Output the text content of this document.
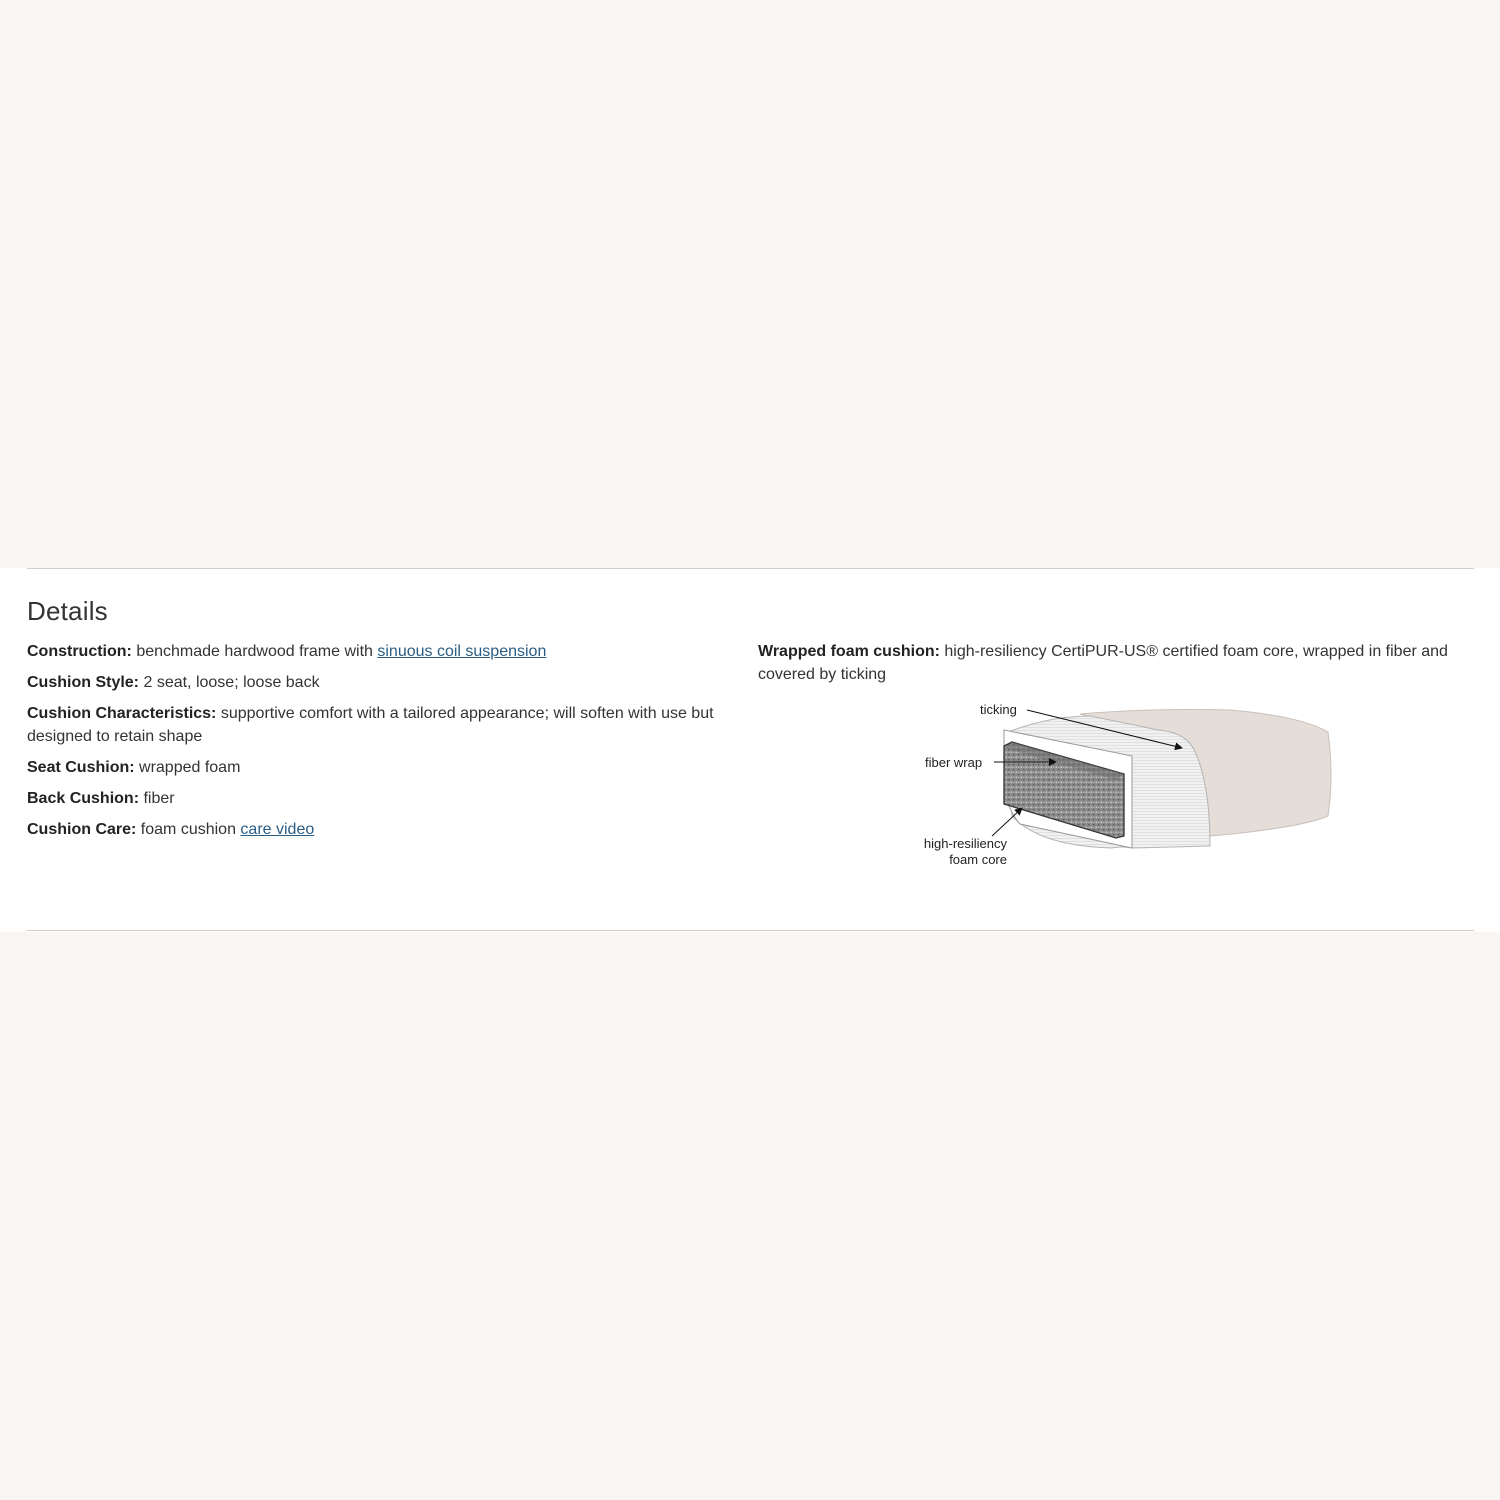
Details

Construction: benchmade hardwood frame with sinuous coil suspension

Cushion Style: 2 seat, loose; loose back

Cushion Characteristics: supportive comfort with a tailored appearance; will soften with use but designed to retain shape

Seat Cushion: wrapped foam

Back Cushion: fiber

Cushion Care: foam cushion care video

Wrapped foam cushion: high-resiliency CertiPUR-US® certified foam core, wrapped in fiber and covered by ticking

ticking
fiber wrap
high-resiliency
foam core
